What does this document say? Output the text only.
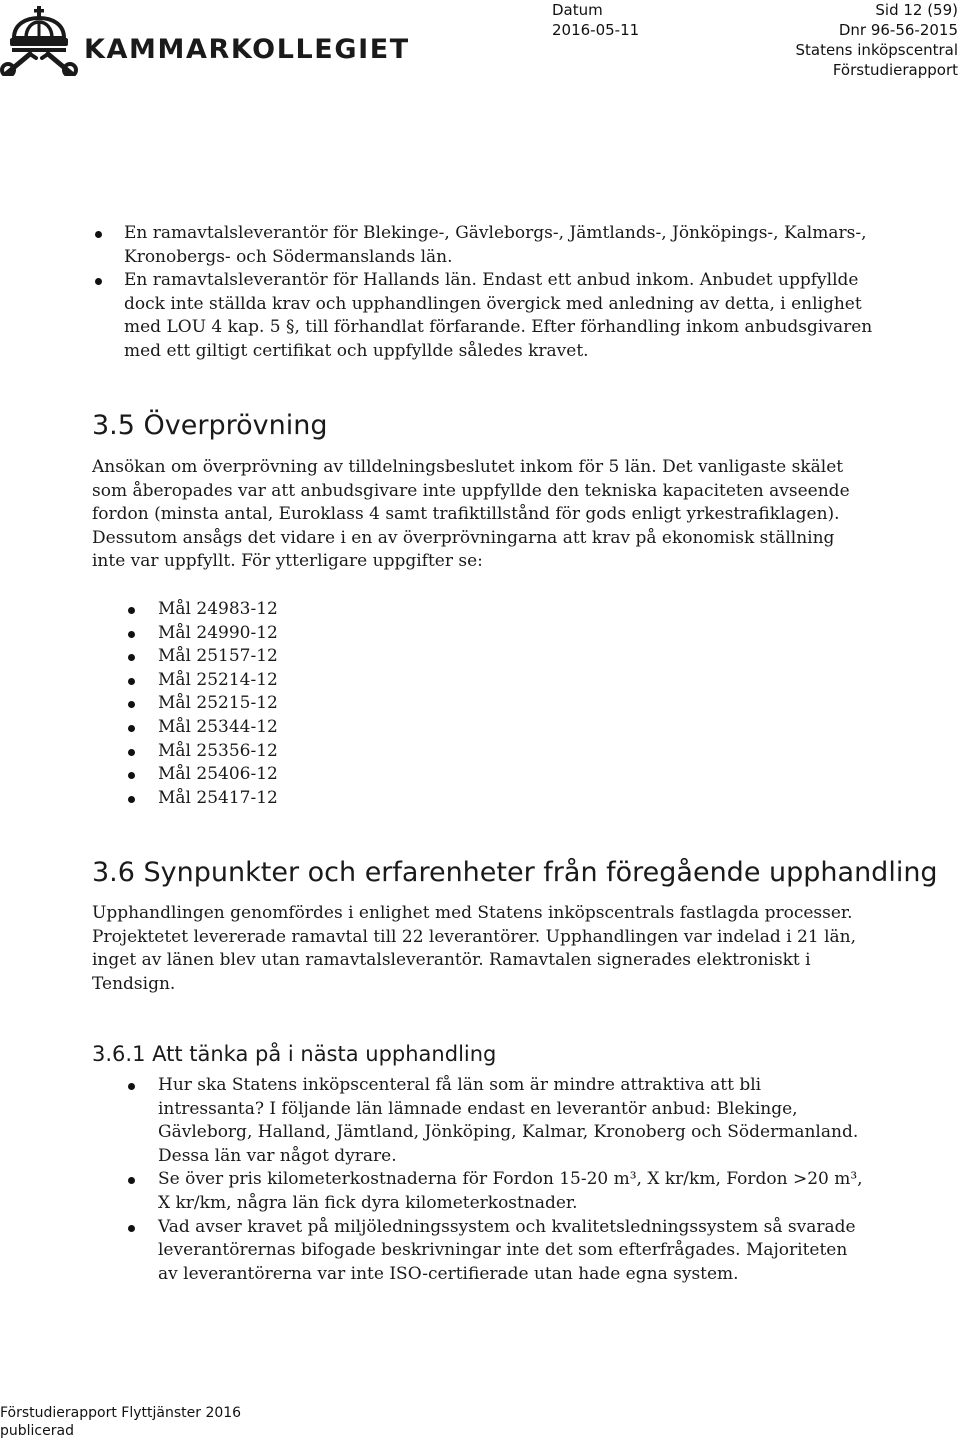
KAMMARKOLLEGIET
Datum
2016-05-11
Sid 12 (59)
Dnr 96-56-2015
Statens inköpscentral
Förstudierapport
En ramavtalsleverantör för Blekinge-, Gävleborgs-, Jämtlands-, Jönköpings-, Kalmars-, Kronobergs- och Södermanslands län.
En ramavtalsleverantör för Hallands län. Endast ett anbud inkom. Anbudet uppfyllde dock inte ställda krav och upphandlingen övergick med anledning av detta, i enlighet med LOU 4 kap. 5 §, till förhandlat förfarande. Efter förhandling inkom anbudsgivaren med ett giltigt certifikat och uppfyllde således kravet.
3.5 Överprövning

Ansökan om överprövning av tilldelningsbeslutet inkom för 5 län. Det vanligaste skälet som åberopades var att anbudsgivare inte uppfyllde den tekniska kapaciteten avseende fordon (minsta antal, Euroklass 4 samt trafiktillstånd för gods enligt yrkestrafiklagen). Dessutom ansågs det vidare i en av överprövningarna att krav på ekonomisk ställning inte var uppfyllt. För ytterligare uppgifter se:

Mål 24983-12
Mål 24990-12
Mål 25157-12
Mål 25214-12
Mål 25215-12
Mål 25344-12
Mål 25356-12
Mål 25406-12
Mål 25417-12
3.6 Synpunkter och erfarenheter från föregående upphandling

Upphandlingen genomfördes i enlighet med Statens inköpscentrals fastlagda processer. Projektetet levererade ramavtal till 22 leverantörer. Upphandlingen var indelad i 21 län, inget av länen blev utan ramavtalsleverantör. Ramavtalen signerades elektroniskt i Tendsign.

3.6.1 Att tänka på i nästa upphandling
Hur ska Statens inköpscenteral få län som är mindre attraktiva att bli intressanta? I följande län lämnade endast en leverantör anbud: Blekinge, Gävleborg, Halland, Jämtland, Jönköping, Kalmar, Kronoberg och Södermanland. Dessa län var något dyrare.
Se över pris kilometerkostnaderna för Fordon 15-20 m³, X kr/km, Fordon >20 m³, X kr/km, några län fick dyra kilometerkostnader.
Vad avser kravet på miljöledningssystem och kvalitetsledningssystem så svarade leverantörernas bifogade beskrivningar inte det som efterfrågades. Majoriteten av leverantörerna var inte ISO-certifierade utan hade egna system.
Förstudierapport Flyttjänster 2016
publicerad
